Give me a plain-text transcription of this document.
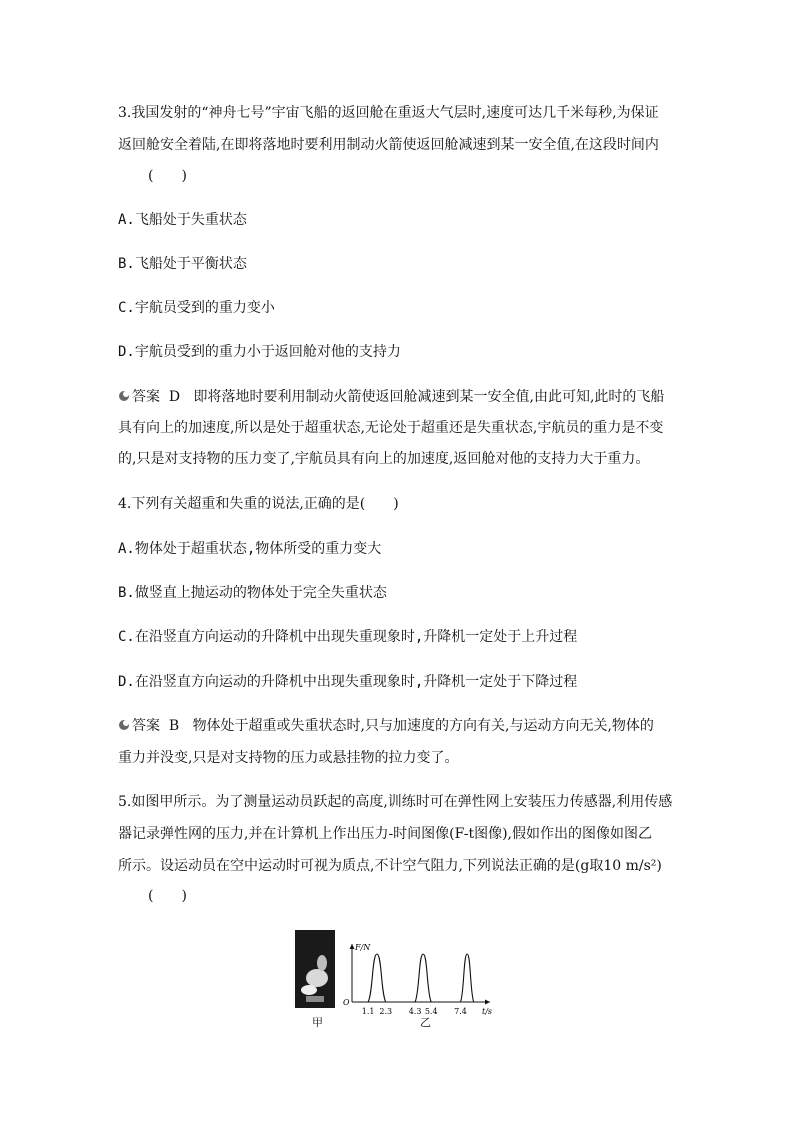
3.我国发射的“神舟七号”宇宙飞船的返回舱在重返大气层时,速度可达几千米每秒,为保证
返回舱安全着陆,在即将落地时要利用制动火箭使返回舱减速到某一安全值,在这段时间内
(　　)
A.飞船处于失重状态
B.飞船处于平衡状态
C.宇航员受到的重力变小
D.宇航员受到的重力小于返回舱对他的支持力
答案 D 即将落地时要利用制动火箭使返回舱减速到某一安全值,由此可知,此时的飞船
具有向上的加速度,所以是处于超重状态,无论处于超重还是失重状态,宇航员的重力是不变
的,只是对支持物的压力变了,宇航员具有向上的加速度,返回舱对他的支持力大于重力。
4.下列有关超重和失重的说法,正确的是(　　)
A.物体处于超重状态,物体所受的重力变大
B.做竖直上抛运动的物体处于完全失重状态
C.在沿竖直方向运动的升降机中出现失重现象时,升降机一定处于上升过程
D.在沿竖直方向运动的升降机中出现失重现象时,升降机一定处于下降过程
答案 B 物体处于超重或失重状态时,只与加速度的方向有关,与运动方向无关,物体的
重力并没变,只是对支持物的压力或悬挂物的拉力变了。
5.如图甲所示。为了测量运动员跃起的高度,训练时可在弹性网上安装压力传感器,利用传感
器记录弹性网的压力,并在计算机上作出压力-时间图像(F-t图像),假如作出的图像如图乙
所示。设运动员在空中运动时可视为质点,不计空气阻力,下列说法正确的是(g取10 m/s²)
(　　)
甲
F/N
t/s
O
1.1 2.3 4.3 5.4 7.4
乙
